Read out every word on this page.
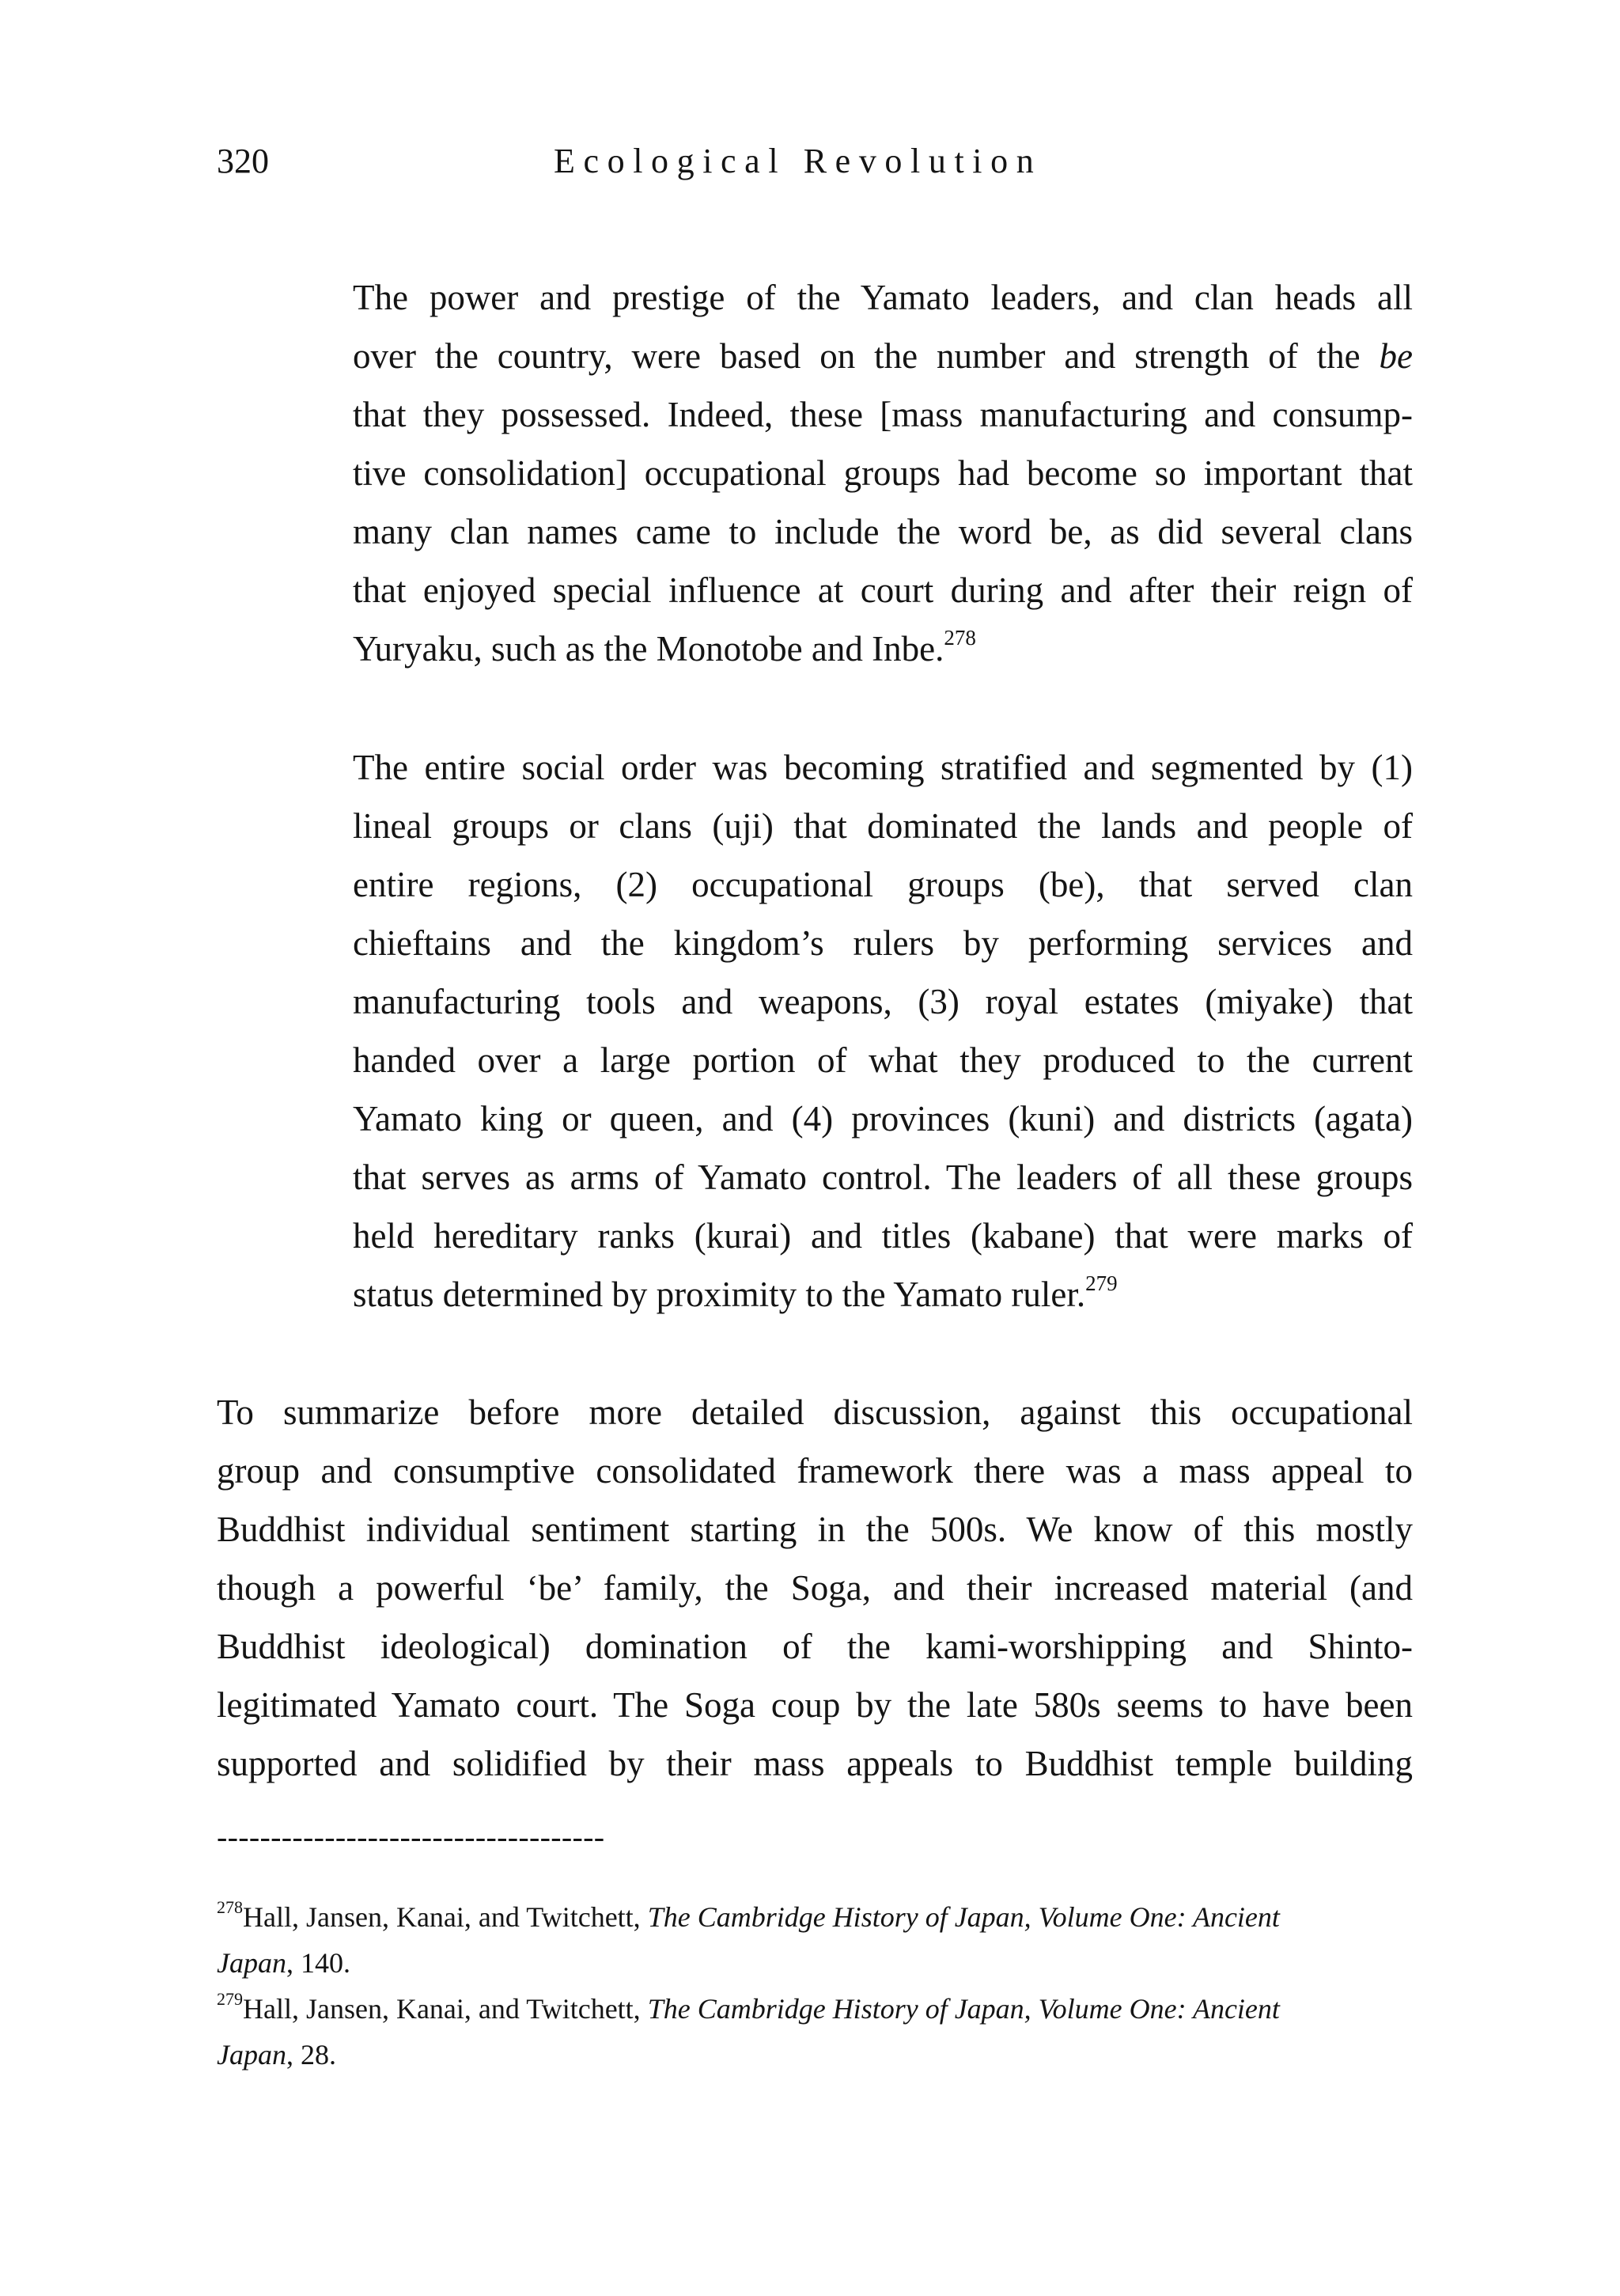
320	Ecological Revolution
The power and prestige of the Yamato leaders, and clan heads all
over the country, were based on the number and strength of the be
that they possessed. Indeed, these [mass manufacturing and consump-
tive consolidation] occupational groups had become so important that
many clan names came to include the word be, as did several clans
that enjoyed special influence at court during and after their reign of
Yuryaku, such as the Monotobe and Inbe.$^{278}$
The entire social order was becoming stratified and segmented by (1)
lineal groups or clans (uji) that dominated the lands and people of
entire regions, (2) occupational groups (be), that served clan
chieftains and the kingdom’s rulers by performing services and
manufacturing tools and weapons, (3) royal estates (miyake) that
handed over a large portion of what they produced to the current
Yamato king or queen, and (4) provinces (kuni) and districts (agata)
that serves as arms of Yamato control. The leaders of all these groups
held hereditary ranks (kurai) and titles (kabane) that were marks of
status determined by proximity to the Yamato ruler.$^{279}$
To summarize before more detailed discussion, against this occupational
group and consumptive consolidated framework there was a mass appeal to
Buddhist individual sentiment starting in the 500s. We know of this mostly
though a powerful ‘be’ family, the Soga, and their increased material (and
Buddhist ideological) domination of the kami-worshipping and Shinto-
legitimated Yamato court. The Soga coup by the late 580s seems to have been
supported and solidified by their mass appeals to Buddhist temple building
------------------------------------
$^{278}$Hall, Jansen, Kanai, and Twitchett, The Cambridge History of Japan, Volume One: Ancient
Japan, 140.
$^{279}$Hall, Jansen, Kanai, and Twitchett, The Cambridge History of Japan, Volume One: Ancient
Japan, 28.
